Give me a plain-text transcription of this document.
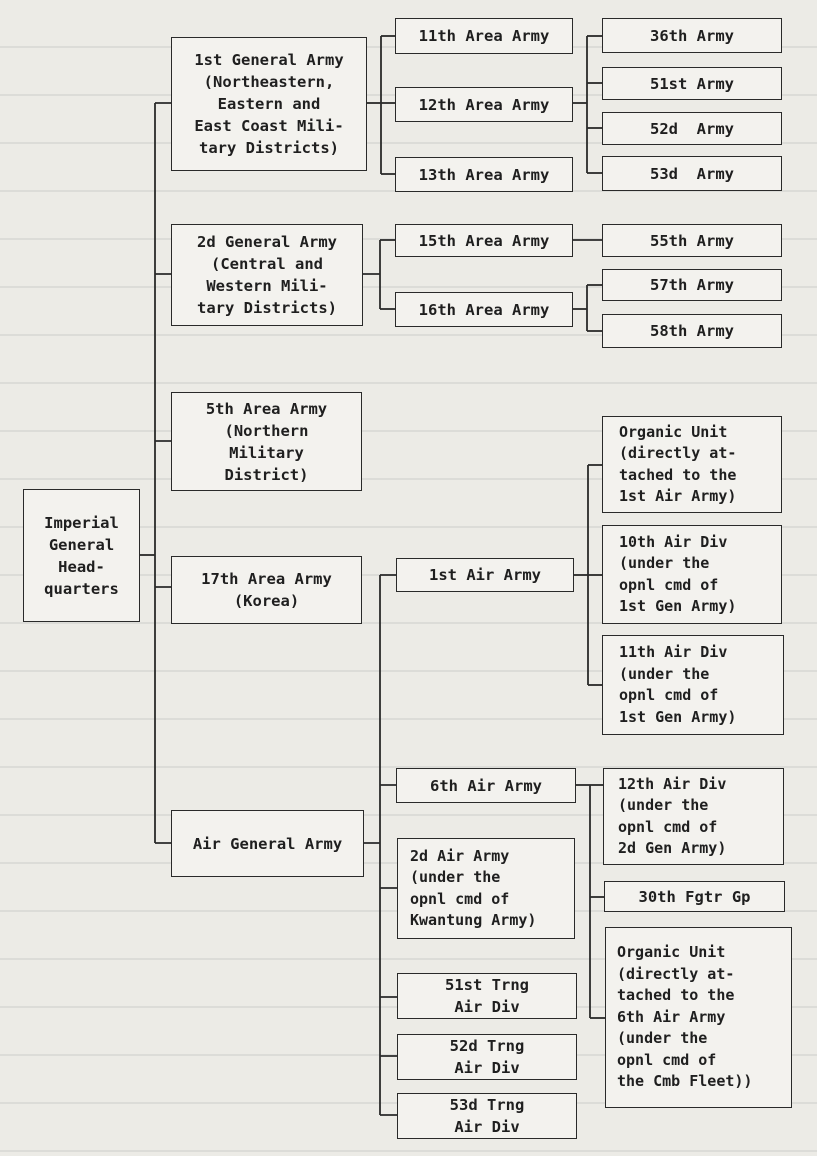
Imperial
General
Head-
quarters
1st General Army
(Northeastern,
Eastern and
East Coast Mili-
tary Districts)
2d General Army
(Central and
Western Mili-
tary Districts)
5th Area Army
(Northern
Military
District)
17th Area Army
(Korea)
Air General Army
11th Area Army
12th Area Army
13th Area Army
15th Area Army
16th Area Army
36th Army
51st Army
52d  Army
53d  Army
55th Army
57th Army
58th Army
1st Air Army
Organic Unit
(directly at-
tached to the
1st Air Army)
10th Air Div
(under the
opnl cmd of
1st Gen Army)
11th Air Div
(under the
opnl cmd of
1st Gen Army)
6th Air Army	12th Air Div
(under the
opnl cmd of
2d Gen Army)
30th Fgtr Gp
Organic Unit
(directly at-
tached to the
6th Air Army
(under the
opnl cmd of
the Cmb Fleet))
2d Air Army
(under the
opnl cmd of
Kwantung Army)
51st Trng
Air Div
52d Trng
Air Div
53d Trng
Air Div
